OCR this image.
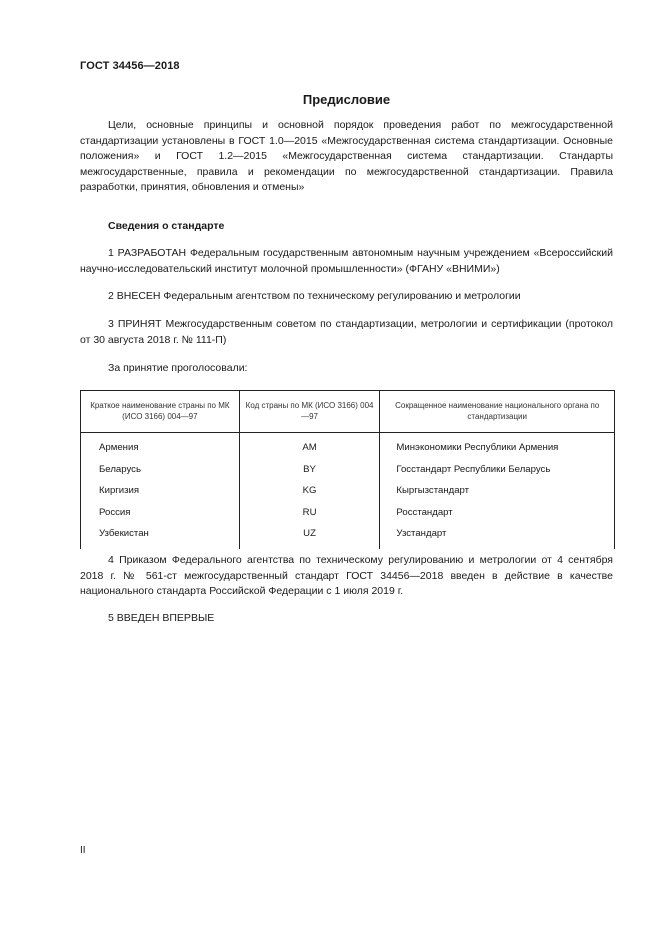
ГОСТ 34456—2018
Предисловие

Цели, основные принципы и основной порядок проведения работ по межгосударственной стандартизации установлены в ГОСТ 1.0—2015 «Межгосударственная система стандартизации. Основные положения» и ГОСТ 1.2—2015 «Межгосударственная система стандартизации. Стандарты межгосударственные, правила и рекомендации по межгосударственной стандартизации. Правила разработки, принятия, обновления и отмены»

Сведения о стандарте

1 РАЗРАБОТАН Федеральным государственным автономным научным учреждением «Всероссийский научно-исследовательский институт молочной промышленности» (ФГАНУ «ВНИМИ»)

2 ВНЕСЕН Федеральным агентством по техническому регулированию и метрологии

3 ПРИНЯТ Межгосударственным советом по стандартизации, метрологии и сертификации (протокол от 30 августа 2018 г. № 111-П)

За принятие проголосовали:
Краткое наименование страны по МК (ИСО 3166) 004—97	Код страны по МК (ИСО 3166) 004—97	Сокращенное наименование национального органа по стандартизации
Армения	AM	Минэкономики Республики Армения
Беларусь	BY	Госстандарт Республики Беларусь
Киргизия	KG	Кыргызстандарт
Россия	RU	Росстандарт
Узбекистан	UZ	Узстандарт

4 Приказом Федерального агентства по техническому регулированию и метрологии от 4 сентября 2018 г. № 561-ст межгосударственный стандарт ГОСТ 34456—2018 введен в действие в качестве национального стандарта Российской Федерации с 1 июля 2019 г.

5 ВВЕДЕН ВПЕРВЫЕ
II
